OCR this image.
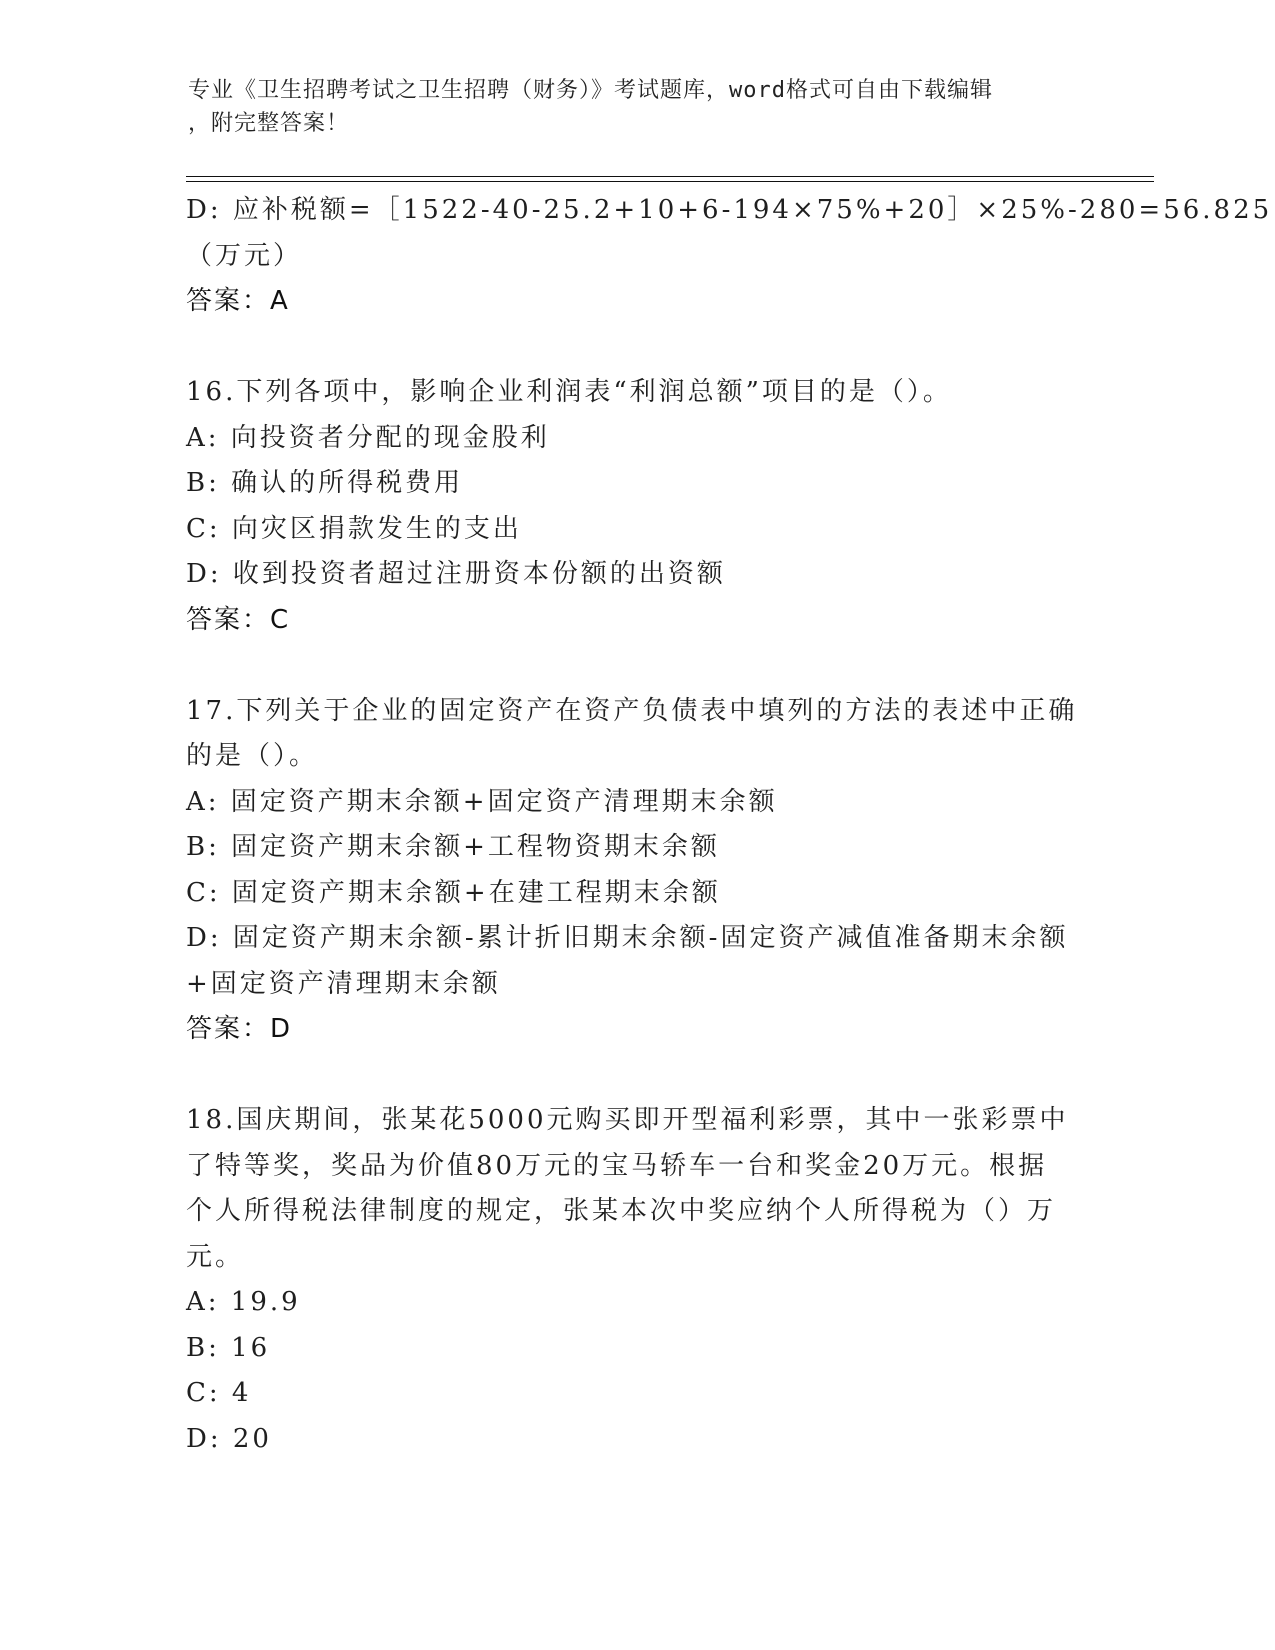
专业《卫生招聘考试之卫生招聘（财务）》考试题库，word格式可自由下载编辑
，附完整答案！
D: 应补税额=［1522-40-25.2+10+6-194×75%+20］×25%-280=56.825
（万元）
答案：A
16.下列各项中，影响企业利润表“利润总额”项目的是（）。
A: 向投资者分配的现金股利
B: 确认的所得税费用
C: 向灾区捐款发生的支出
D: 收到投资者超过注册资本份额的出资额
答案：C
17.下列关于企业的固定资产在资产负债表中填列的方法的表述中正确
的是（）。
A: 固定资产期末余额+固定资产清理期末余额
B: 固定资产期末余额+工程物资期末余额
C: 固定资产期末余额+在建工程期末余额
D: 固定资产期末余额-累计折旧期末余额-固定资产减值准备期末余额
+固定资产清理期末余额
答案：D
18.国庆期间，张某花5000元购买即开型福利彩票，其中一张彩票中
了特等奖，奖品为价值80万元的宝马轿车一台和奖金20万元。根据
个人所得税法律制度的规定，张某本次中奖应纳个人所得税为（）万
元。
A: 19.9
B: 16
C: 4
D: 20
